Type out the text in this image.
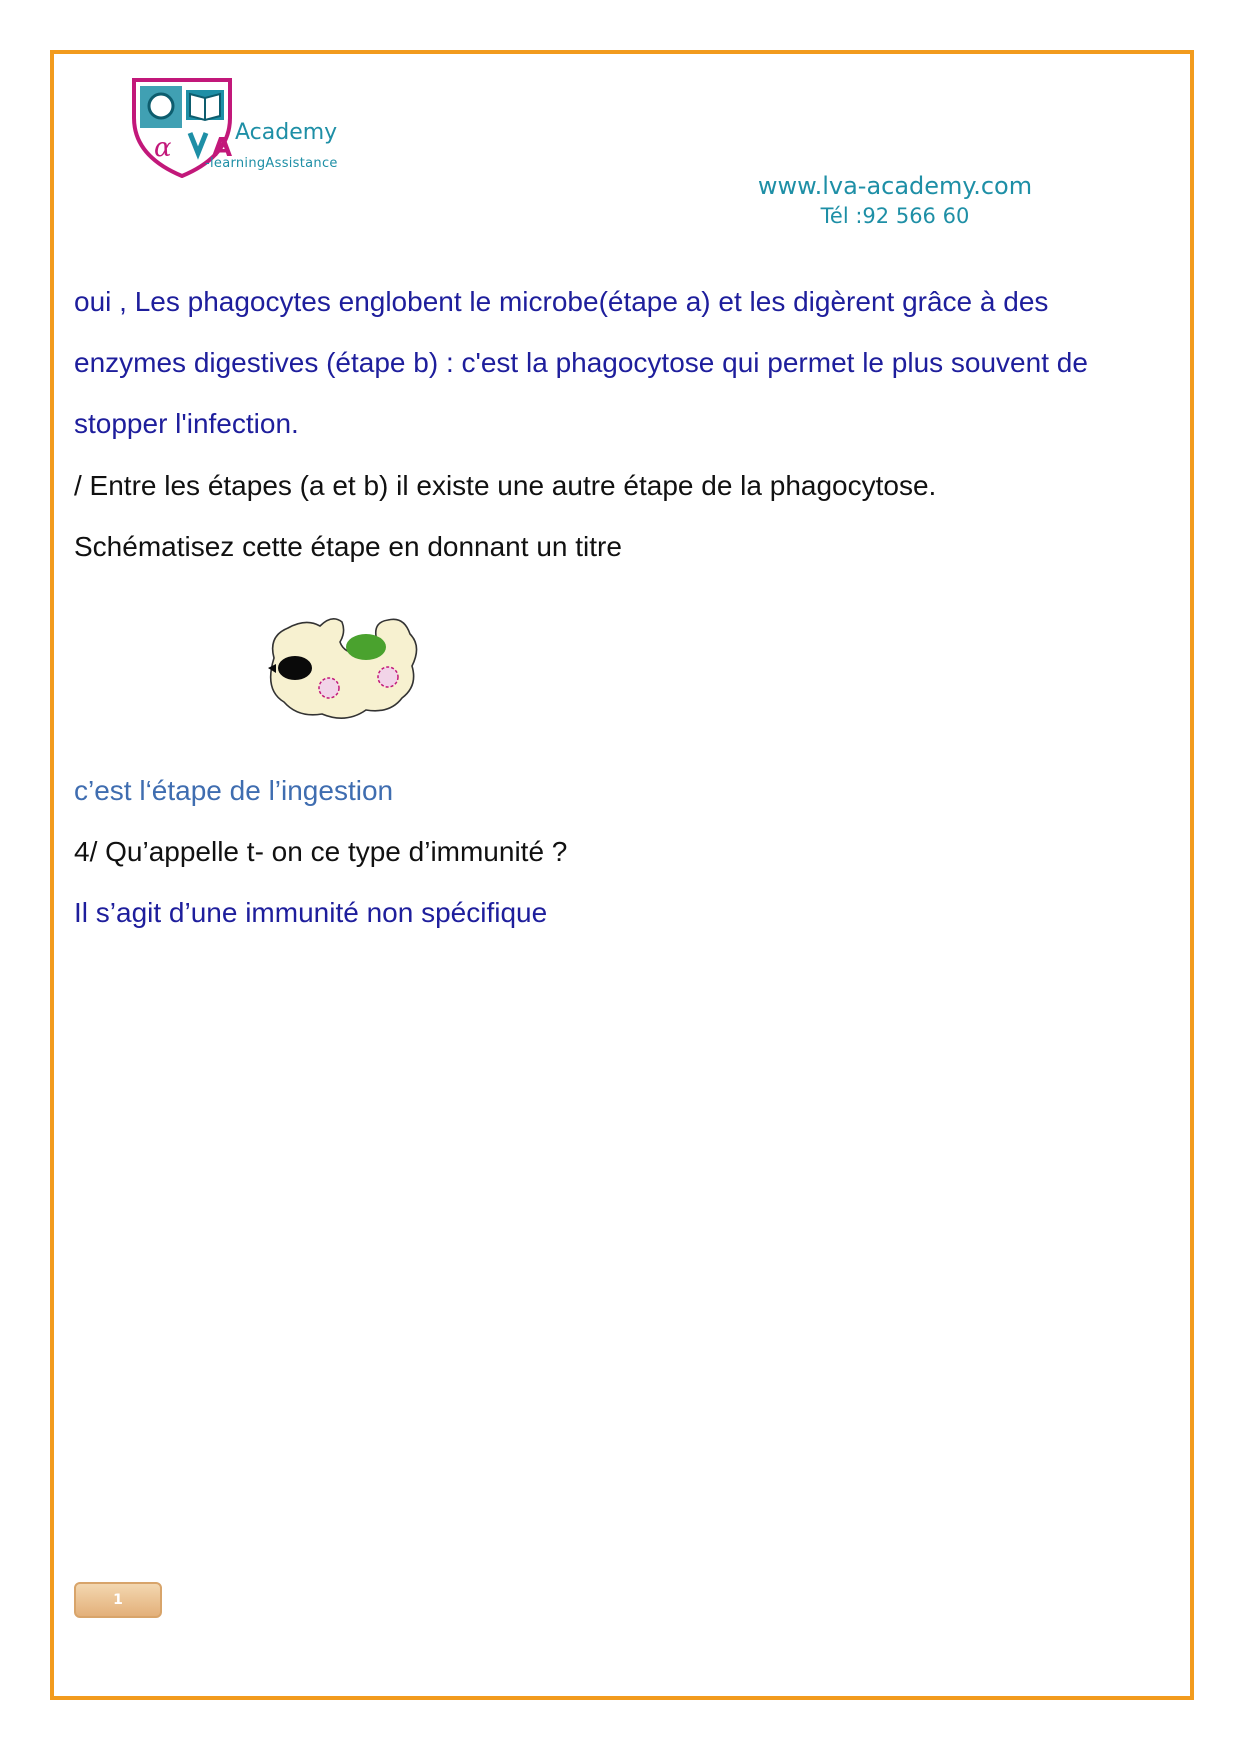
α A
Academy
-learningAssistance
www.lva-academy.com
Tél :92 566 60
oui , Les phagocytes englobent le microbe(étape a) et les digèrent grâce à des
enzymes digestives (étape b) : c'est la phagocytose qui permet le plus souvent de
stopper l'infection.
/ Entre les étapes (a et b) il existe une autre étape de la phagocytose.
Schématisez cette étape en donnant un titre
c’est l‘étape de l’ingestion
4/ Qu’appelle t- on ce type d’immunité ?
Il s’agit d’une immunité non spécifique
1
